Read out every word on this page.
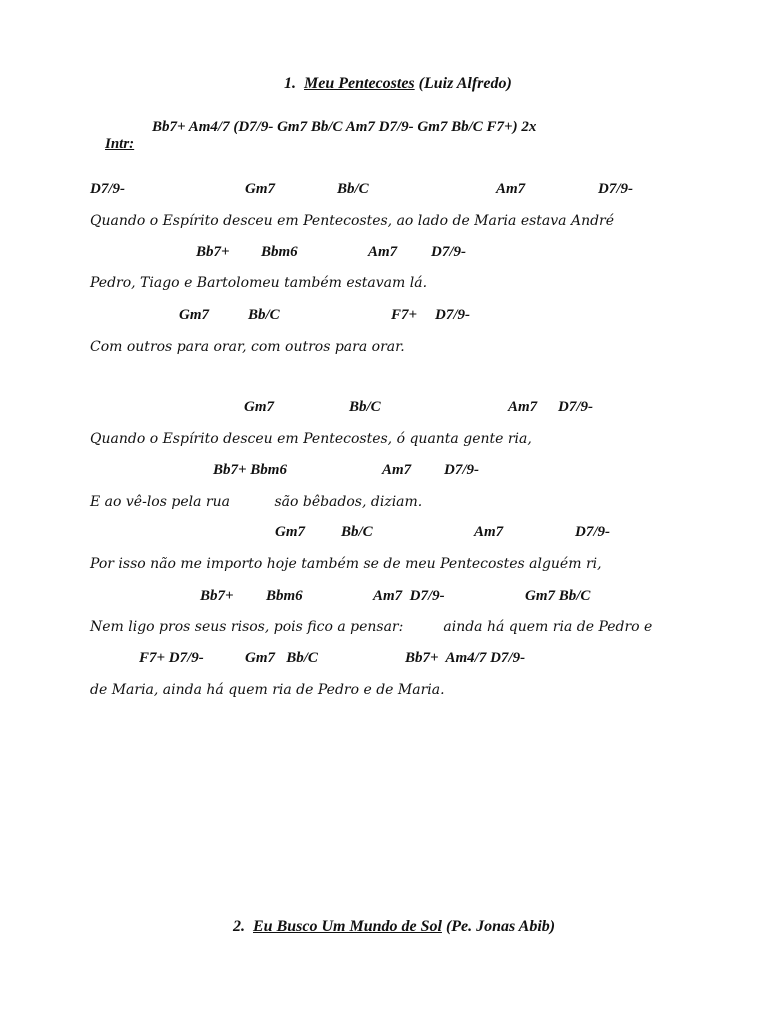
1. Meu Pentecostes (Luiz Alfredo)

Intr:

Bb7+ Am4/7 (D7/9- Gm7 Bb/C Am7 D7/9- Gm7 Bb/C F7+) 2x

D7/9-

	Gm7

	Bb/C

	Am7

	D7/9-

Quando o Espírito desceu em Pentecostes, ao lado de Maria estava André

Bb7+

Bbm6

	Am7

D7/9-

Pedro, Tiago e Bartolomeu também estavam lá.

Gm7

	Bb/C

	F7+

D7/9-

Com outros para orar, com outros para orar.

Gm7

	Bb/C

	Am7

D7/9-

Quando o Espírito desceu em Pentecostes, ó quanta gente ria,

Bb7+ Bbm6

	Am7

D7/9-

E ao vê-los pela rua          são bêbados, diziam.

Gm7

Bb/C

	Am7

	D7/9-

Por isso não me importo hoje também se de meu Pentecostes alguém ri,

Bb7+

Bbm6

	Am7  D7/9-

	Gm7 Bb/C

Nem ligo pros seus risos, pois fico a pensar:         ainda há quem ria de Pedro e

F7+ D7/9-

	Gm7   Bb/C

	Bb7+  Am4/7 D7/9-

de Maria, ainda há quem ria de Pedro e de Maria.

2. Eu Busco Um Mundo de Sol (Pe. Jonas Abib)
